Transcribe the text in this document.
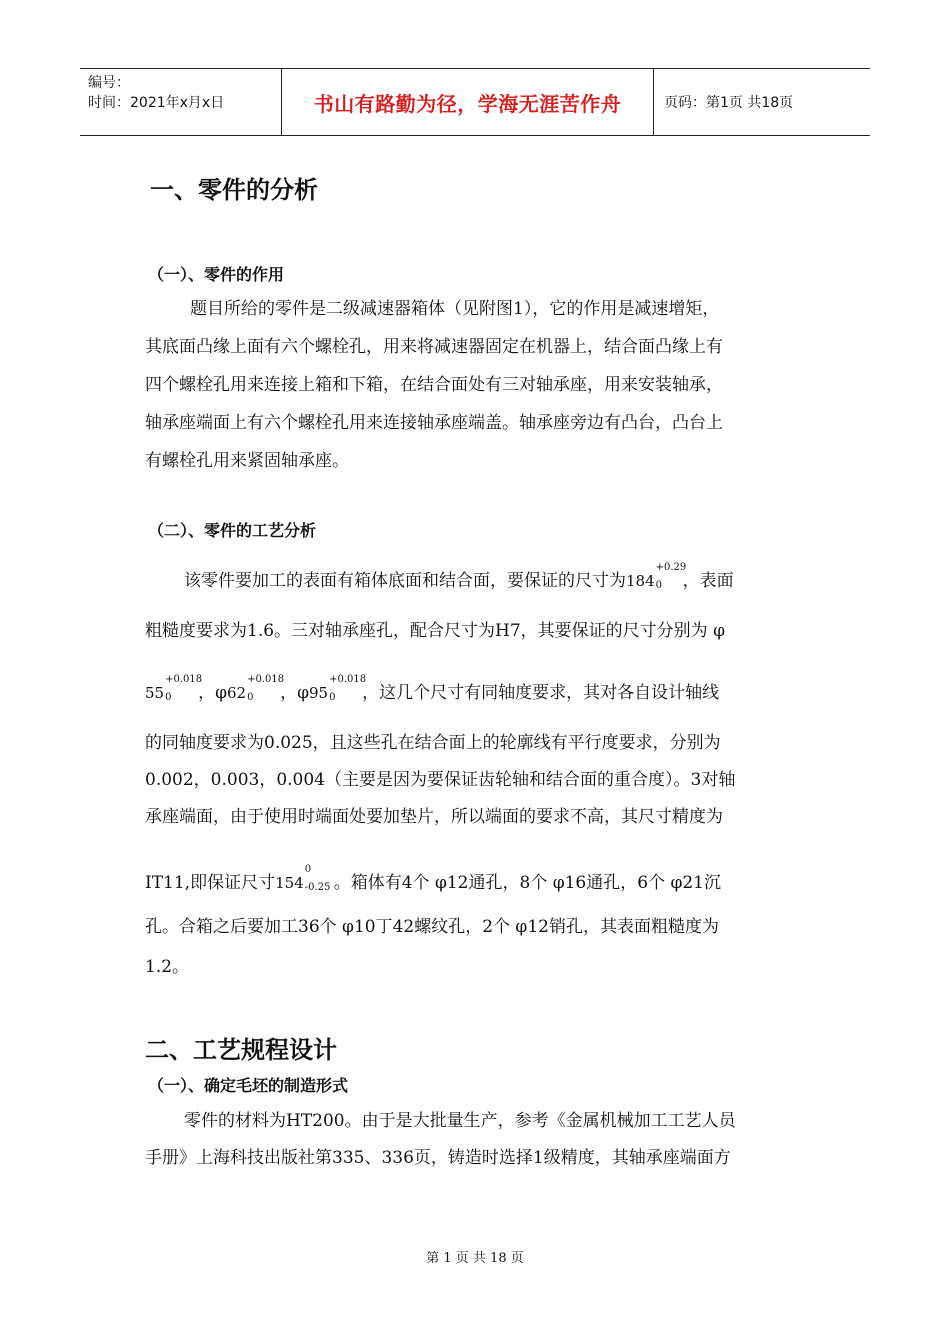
编号：
时间：2021年x月x日	书山有路勤为径，学海无涯苦作舟	页码：第1页 共18页
一、零件的分析
（一）、零件的作用
题目所给的零件是二级减速器箱体（见附图1），它的作用是减速增矩，
其底面凸缘上面有六个螺栓孔，用来将减速器固定在机器上，结合面凸缘上有
四个螺栓孔用来连接上箱和下箱，在结合面处有三对轴承座，用来安装轴承，
轴承座端面上有六个螺栓孔用来连接轴承座端盖。轴承座旁边有凸台，凸台上
有螺栓孔用来紧固轴承座。
（二）、零件的工艺分析
该零件要加工的表面有箱体底面和结合面，要保证的尺寸为184
+0.29
0 ，表面
粗糙度要求为1.6。三对轴承座孔，配合尺寸为H7，其要保证的尺寸分别为 φ
55
+0.018
0 ，φ62
+0.018
0 ，φ95
+0.018
0 ，这几个尺寸有同轴度要求，其对各自设计轴线
的同轴度要求为0.025，且这些孔在结合面上的轮廓线有平行度要求，分别为
0.002，0.003，0.004（主要是因为要保证齿轮轴和结合面的重合度）。3对轴
承座端面，由于使用时端面处要加垫片，所以端面的要求不高，其尺寸精度为
IT11,即保证尺寸154
0
-0.25 。箱体有4个 φ12通孔，8个 φ16通孔，6个 φ21沉
孔。合箱之后要加工36个 φ10丁42螺纹孔，2个 φ12销孔，其表面粗糙度为
1.2。
二、工艺规程设计
（一）、确定毛坯的制造形式
零件的材料为HT200。由于是大批量生产，参考《金属机械加工工艺人员
手册》上海科技出版社第335、336页，铸造时选择1级精度，其轴承座端面方
第 1 页 共 18 页
